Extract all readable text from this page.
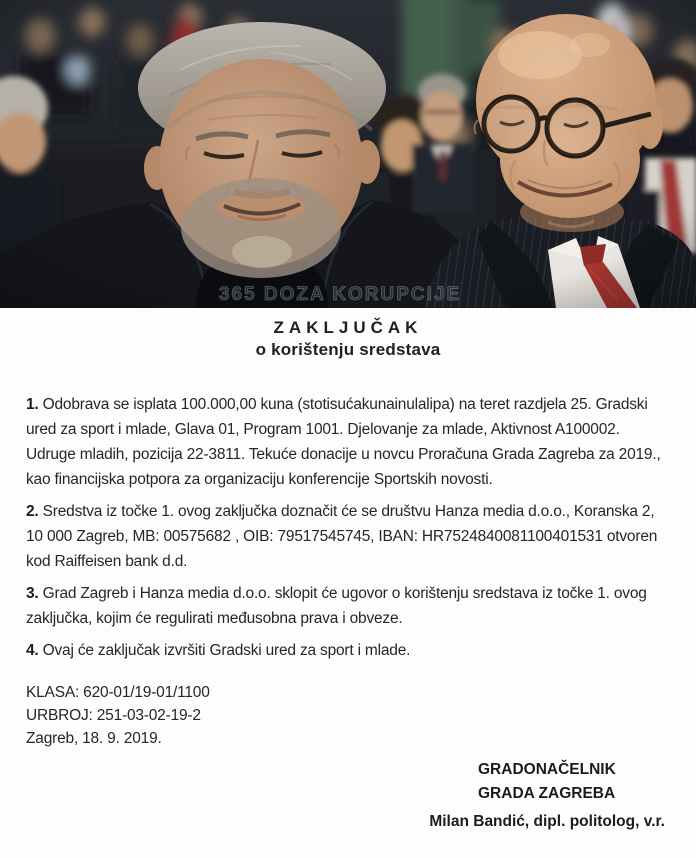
365 DOZA KORUPCIJE
ZAKLJUČAK
o korištenju sredstava

1. Odobrava se isplata 100.000,00 kuna (stotisućakunainulalipa) na teret razdjela 25. Gradski ured za sport i mlade, Glava 01, Program 1001. Djelovanje za mlade, Aktivnost A100002. Udruge mladih, pozicija 22-3811. Tekuće donacije u novcu Proračuna Grada Zagreba za 2019., kao financijska potpora za organizaciju konferencije Sportskih novosti.

2. Sredstva iz točke 1. ovog zaključka doznačit će se društvu Hanza media d.o.o., Koranska 2, 10 000 Zagreb, MB: 00575682 , OIB: 79517545745, IBAN: HR7524840081100401531 otvoren kod Raiffeisen bank d.d.

3. Grad Zagreb i Hanza media d.o.o. sklopit će ugovor o korištenju sredstava iz točke 1. ovog zaključka, kojim će regulirati međusobna prava i obveze.

4. Ovaj će zaključak izvršiti Gradski ured za sport i mlade.

KLASA: 620-01/19-01/1100
URBROJ: 251-03-02-19-2
Zagreb, 18. 9. 2019.
GRADONAČELNIK
GRADA ZAGREBA
Milan Bandić, dipl. politolog, v.r.
